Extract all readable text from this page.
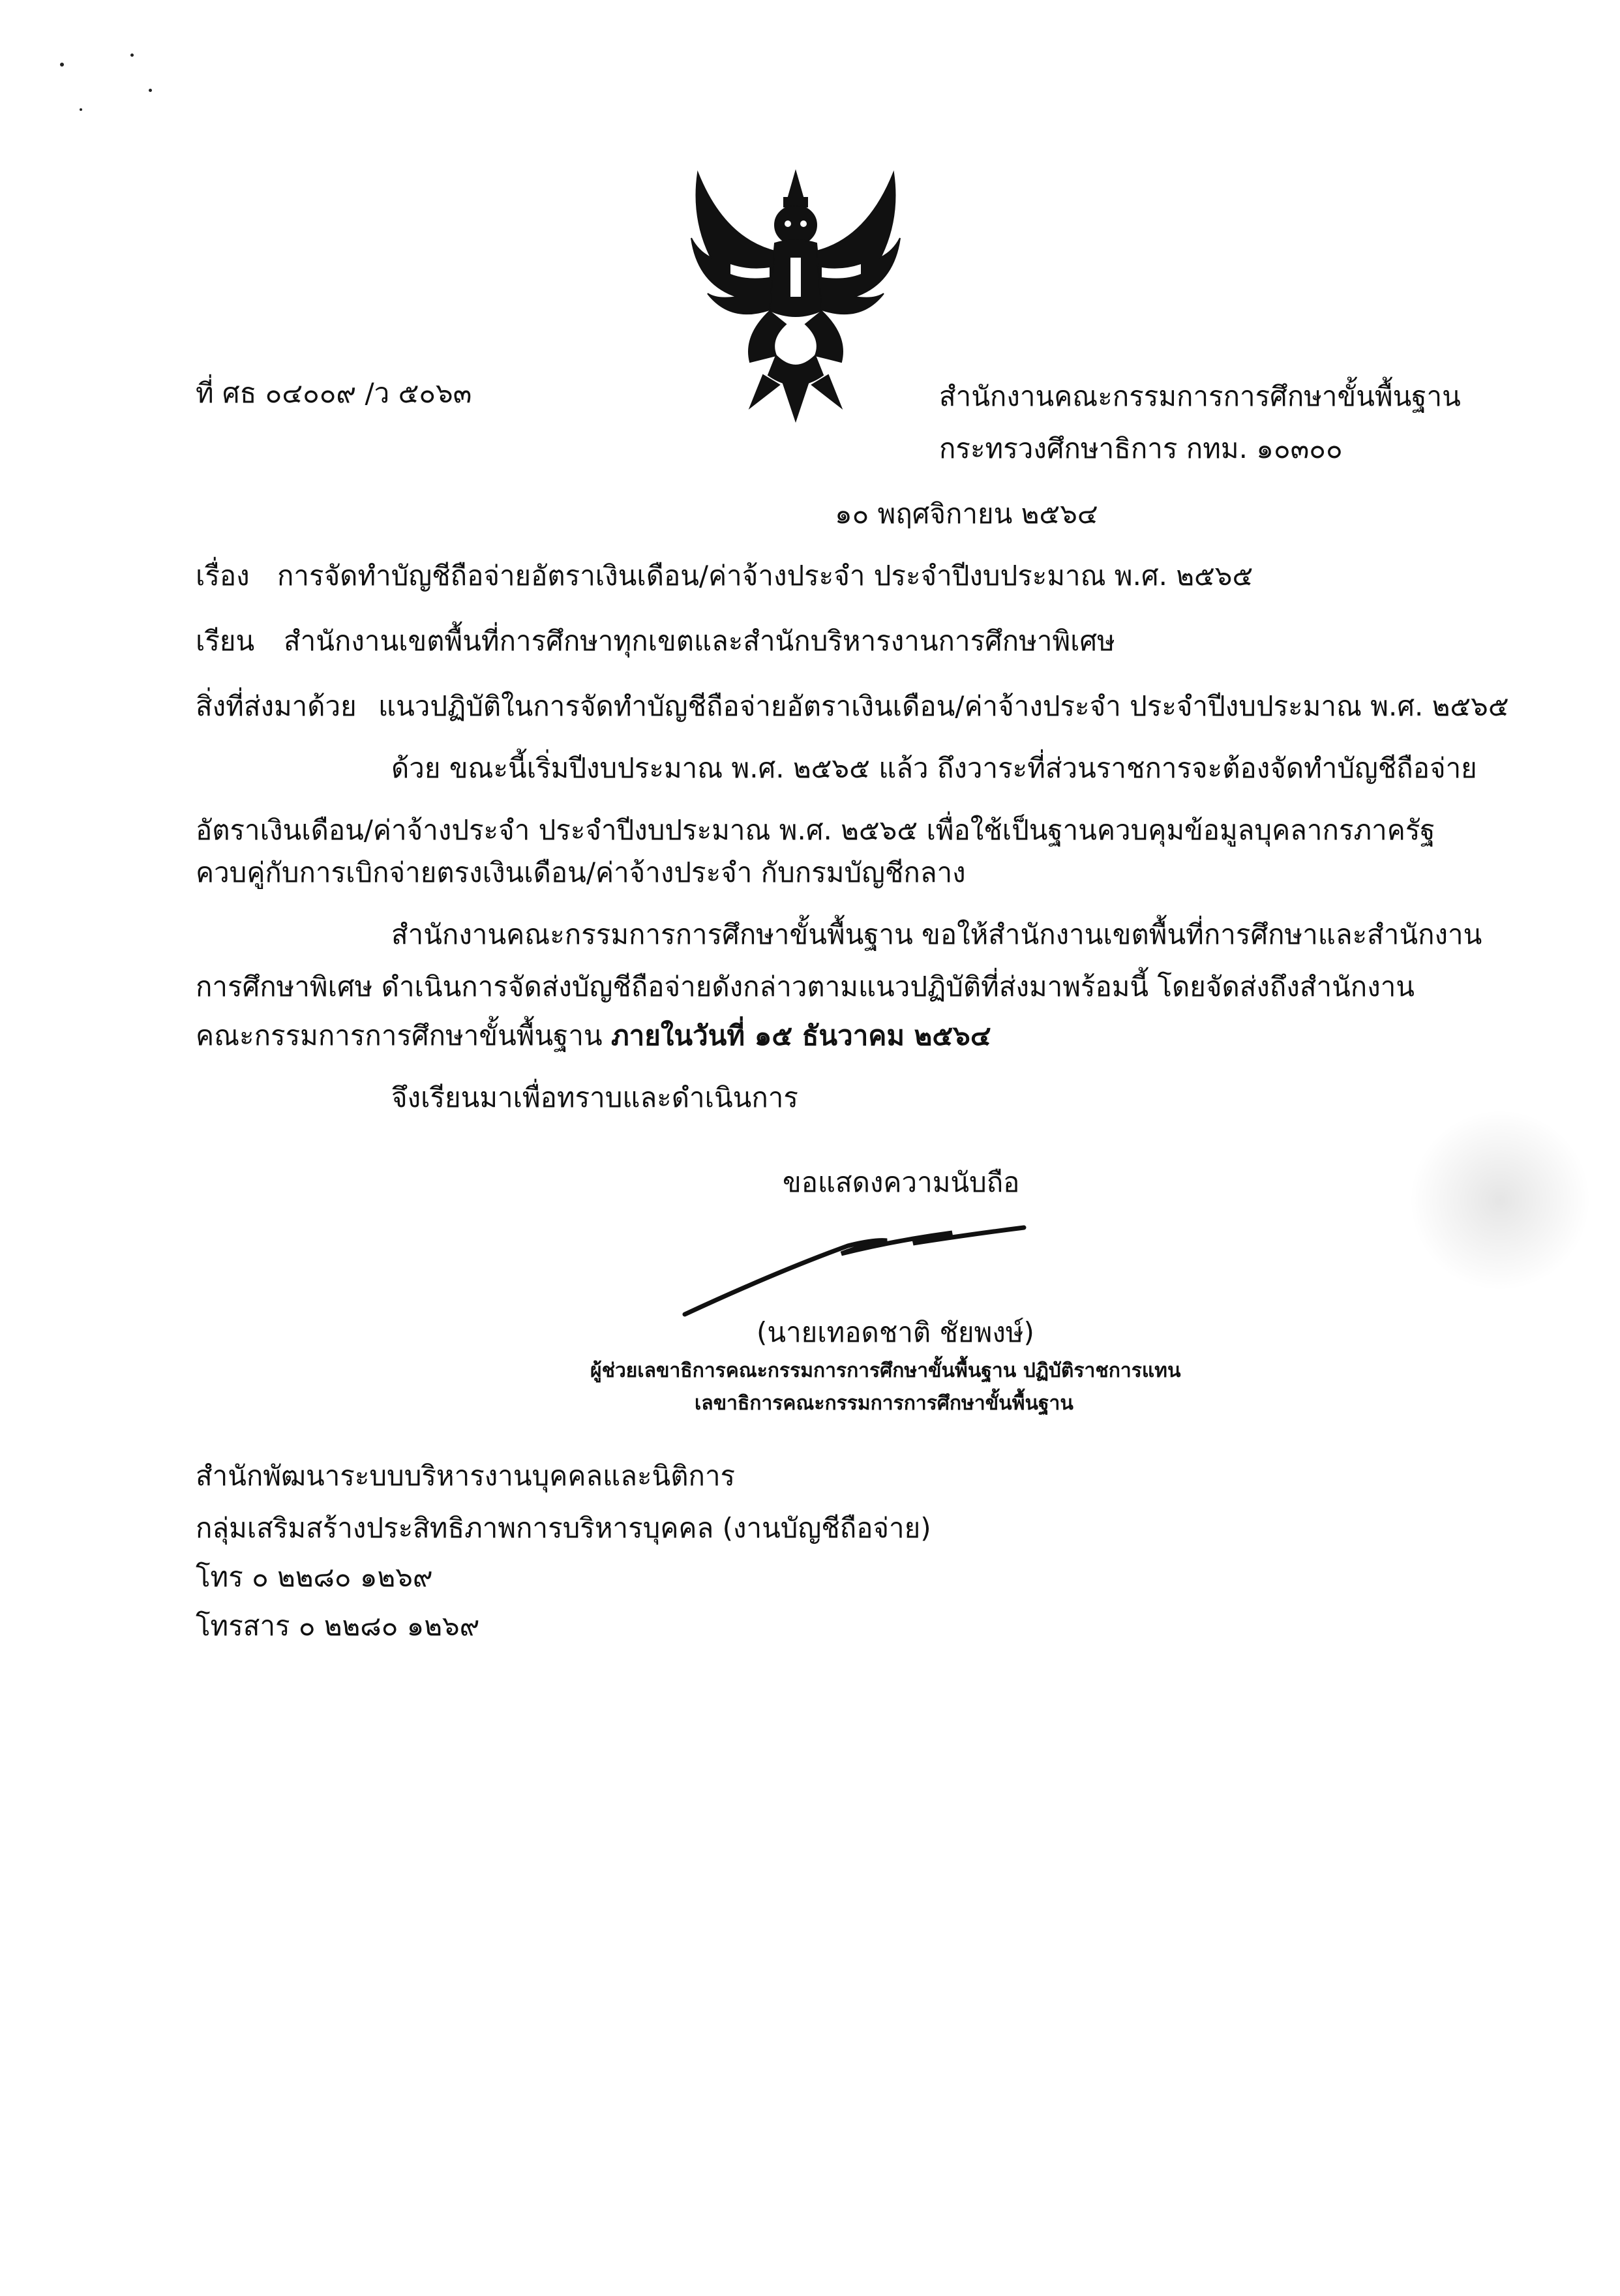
ที่ ศธ ๐๔๐๐๙ /ว ๕๐๖๓	สำนักงานคณะกรรมการการศึกษาขั้นพื้นฐาน
กระทรวงศึกษาธิการ กทม. ๑๐๓๐๐
๑๐ พฤศจิกายน ๒๕๖๔
เรื่อง การจัดทำบัญชีถือจ่ายอัตราเงินเดือน/ค่าจ้างประจำ ประจำปีงบประมาณ พ.ศ. ๒๕๖๕
เรียน สำนักงานเขตพื้นที่การศึกษาทุกเขตและสำนักบริหารงานการศึกษาพิเศษ
สิ่งที่ส่งมาด้วย แนวปฏิบัติในการจัดทำบัญชีถือจ่ายอัตราเงินเดือน/ค่าจ้างประจำ ประจำปีงบประมาณ พ.ศ. ๒๕๖๕
ด้วย ขณะนี้เริ่มปีงบประมาณ พ.ศ. ๒๕๖๕ แล้ว ถึงวาระที่ส่วนราชการจะต้องจัดทำบัญชีถือจ่าย
อัตราเงินเดือน/ค่าจ้างประจำ ประจำปีงบประมาณ พ.ศ. ๒๕๖๕ เพื่อใช้เป็นฐานควบคุมข้อมูลบุคลากรภาครัฐ
ควบคู่กับการเบิกจ่ายตรงเงินเดือน/ค่าจ้างประจำ กับกรมบัญชีกลาง
สำนักงานคณะกรรมการการศึกษาขั้นพื้นฐาน ขอให้สำนักงานเขตพื้นที่การศึกษาและสำนักงาน
การศึกษาพิเศษ ดำเนินการจัดส่งบัญชีถือจ่ายดังกล่าวตามแนวปฏิบัติที่ส่งมาพร้อมนี้ โดยจัดส่งถึงสำนักงาน
คณะกรรมการการศึกษาขั้นพื้นฐาน ภายในวันที่ ๑๕ ธันวาคม ๒๕๖๔
จึงเรียนมาเพื่อทราบและดำเนินการ
ขอแสดงความนับถือ
(นายเทอดชาติ ชัยพงษ์)
ผู้ช่วยเลขาธิการคณะกรรมการการศึกษาขั้นพื้นฐาน ปฏิบัติราชการแทน
เลขาธิการคณะกรรมการการศึกษาขั้นพื้นฐาน
สำนักพัฒนาระบบบริหารงานบุคคลและนิติการ
กลุ่มเสริมสร้างประสิทธิภาพการบริหารบุคคล (งานบัญชีถือจ่าย)
โทร ๐ ๒๒๘๐ ๑๒๖๙
โทรสาร ๐ ๒๒๘๐ ๑๒๖๙
